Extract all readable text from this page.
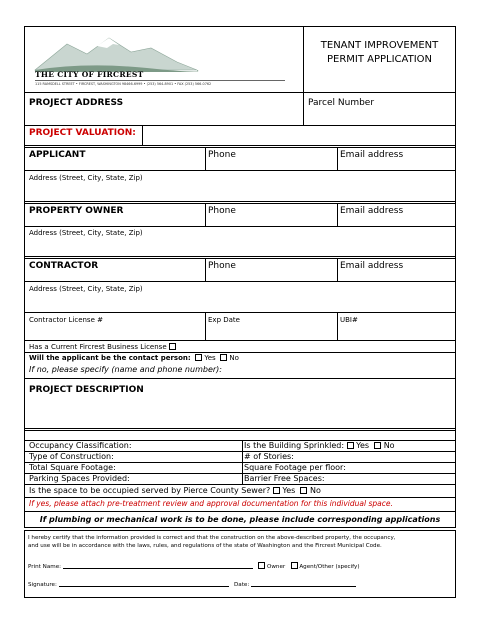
THE CITY OF FIRCREST
115 RAMSDELL STREET • FIRCREST, WASHINGTON 98466-6999 • (253) 564-8901 • FAX (253) 566-0762
TENANT IMPROVEMENT
PERMIT APPLICATION
PROJECT ADDRESS	Parcel Number
PROJECT VALUATION:
APPLICANT	Phone	Email address
Address (Street, City, State, Zip)
PROPERTY OWNER	Phone	Email address
Address (Street, City, State, Zip)
CONTRACTOR	Phone	Email address
Address (Street, City, State, Zip)
Contractor License #	Exp Date	UBI#
Has a Current Fircrest Business License
Will the applicant be the contact person: Yes No
If no, please specify (name and phone number):
PROJECT DESCRIPTION
Occupancy Classification:	Is the Building Sprinkled: Yes No
Type of Construction:	# of Stories:
Total Square Footage:	Square Footage per floor:
Parking Spaces Provided:	Barrier Free Spaces:
Is the space to be occupied served by Pierce County Sewer? Yes No
If yes, please attach pre-treatment review and approval documentation for this individual space.
If plumbing or mechanical work is to be done, please include corresponding applications
I hereby certify that the information provided is correct and that the construction on the above-described property, the occupancy,
and use will be in accordance with the laws, rules, and regulations of the state of Washington and the Fircrest Municipal Code.
Print Name:	Owner	Agent/Other (specify)
Signature:	Date:
